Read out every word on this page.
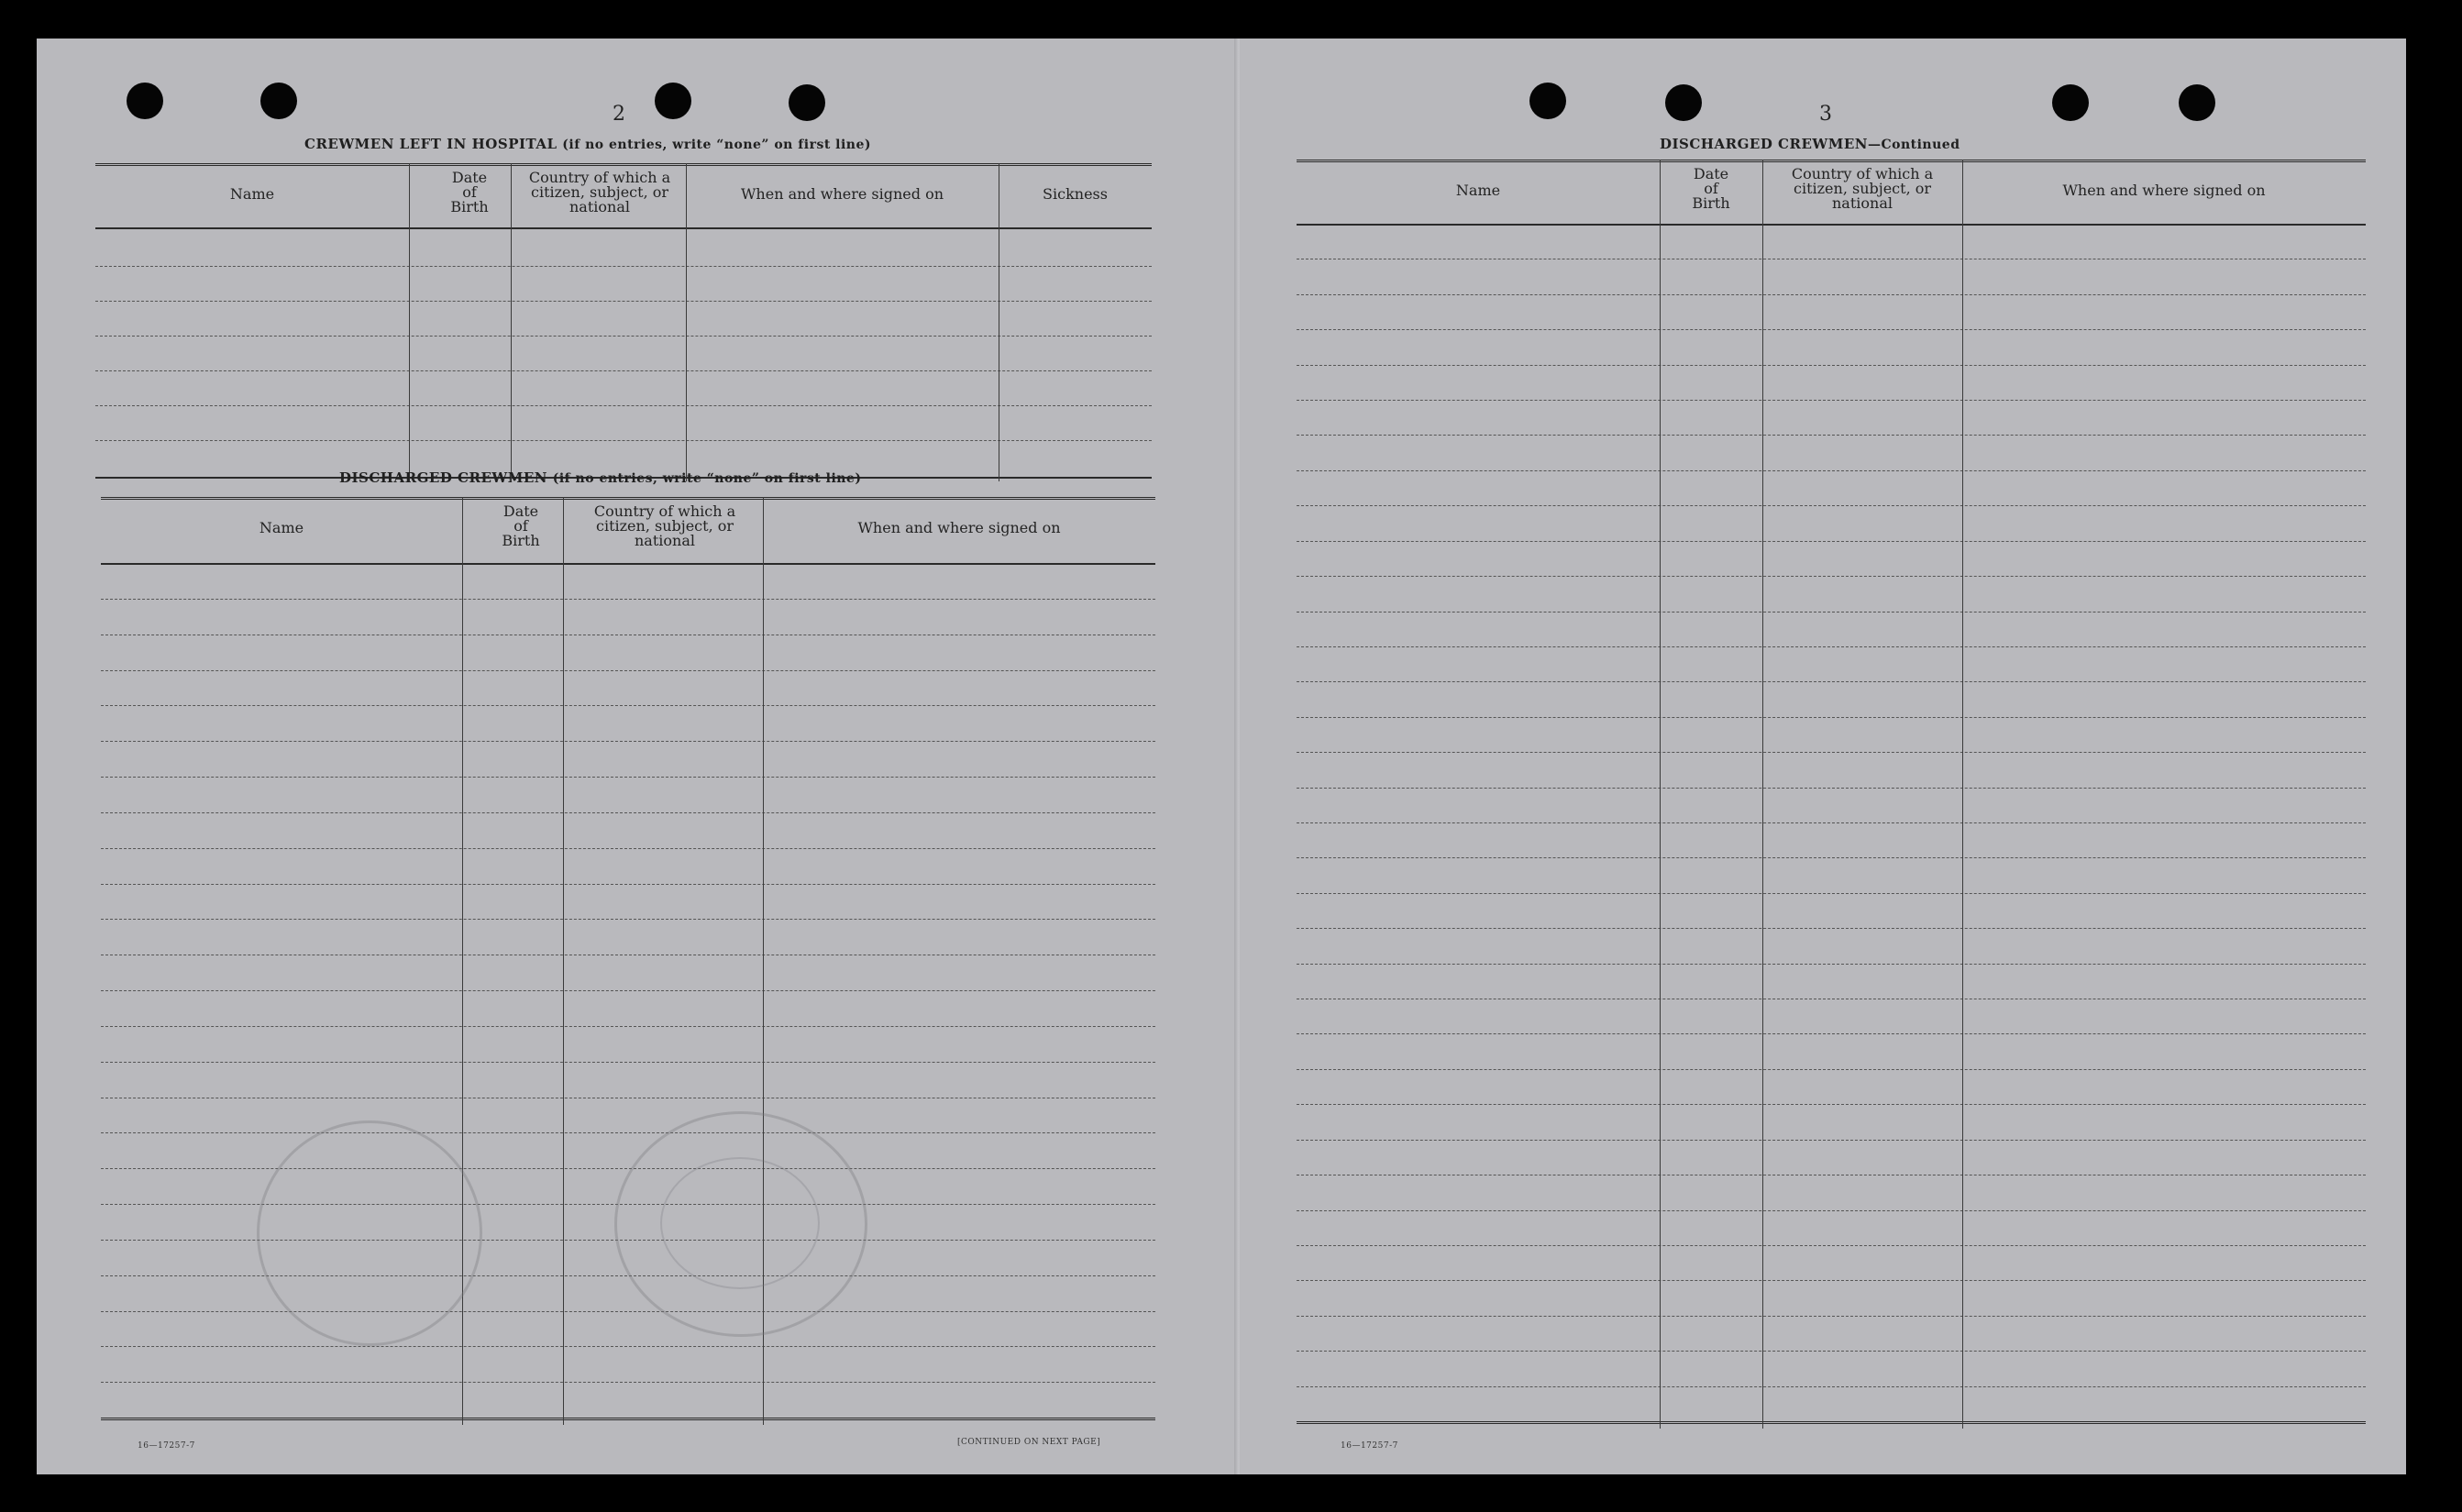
2
CREWMEN LEFT IN HOSPITAL (if no entries, write “none” on first line)
Name
Date of Birth
Country of which a citizen, subject, or national
When and where signed on	Sickness
DISCHARGED CREWMEN (if no entries, write “none” on first line)
Name
Date of Birth
Country of which a citizen, subject, or national
When and where signed on
16—17257-7	[CONTINUED ON NEXT PAGE]
3
DISCHARGED CREWMEN—Continued
Name
Date of Birth
Country of which a citizen, subject, or national
When and where signed on
16—17257-7
